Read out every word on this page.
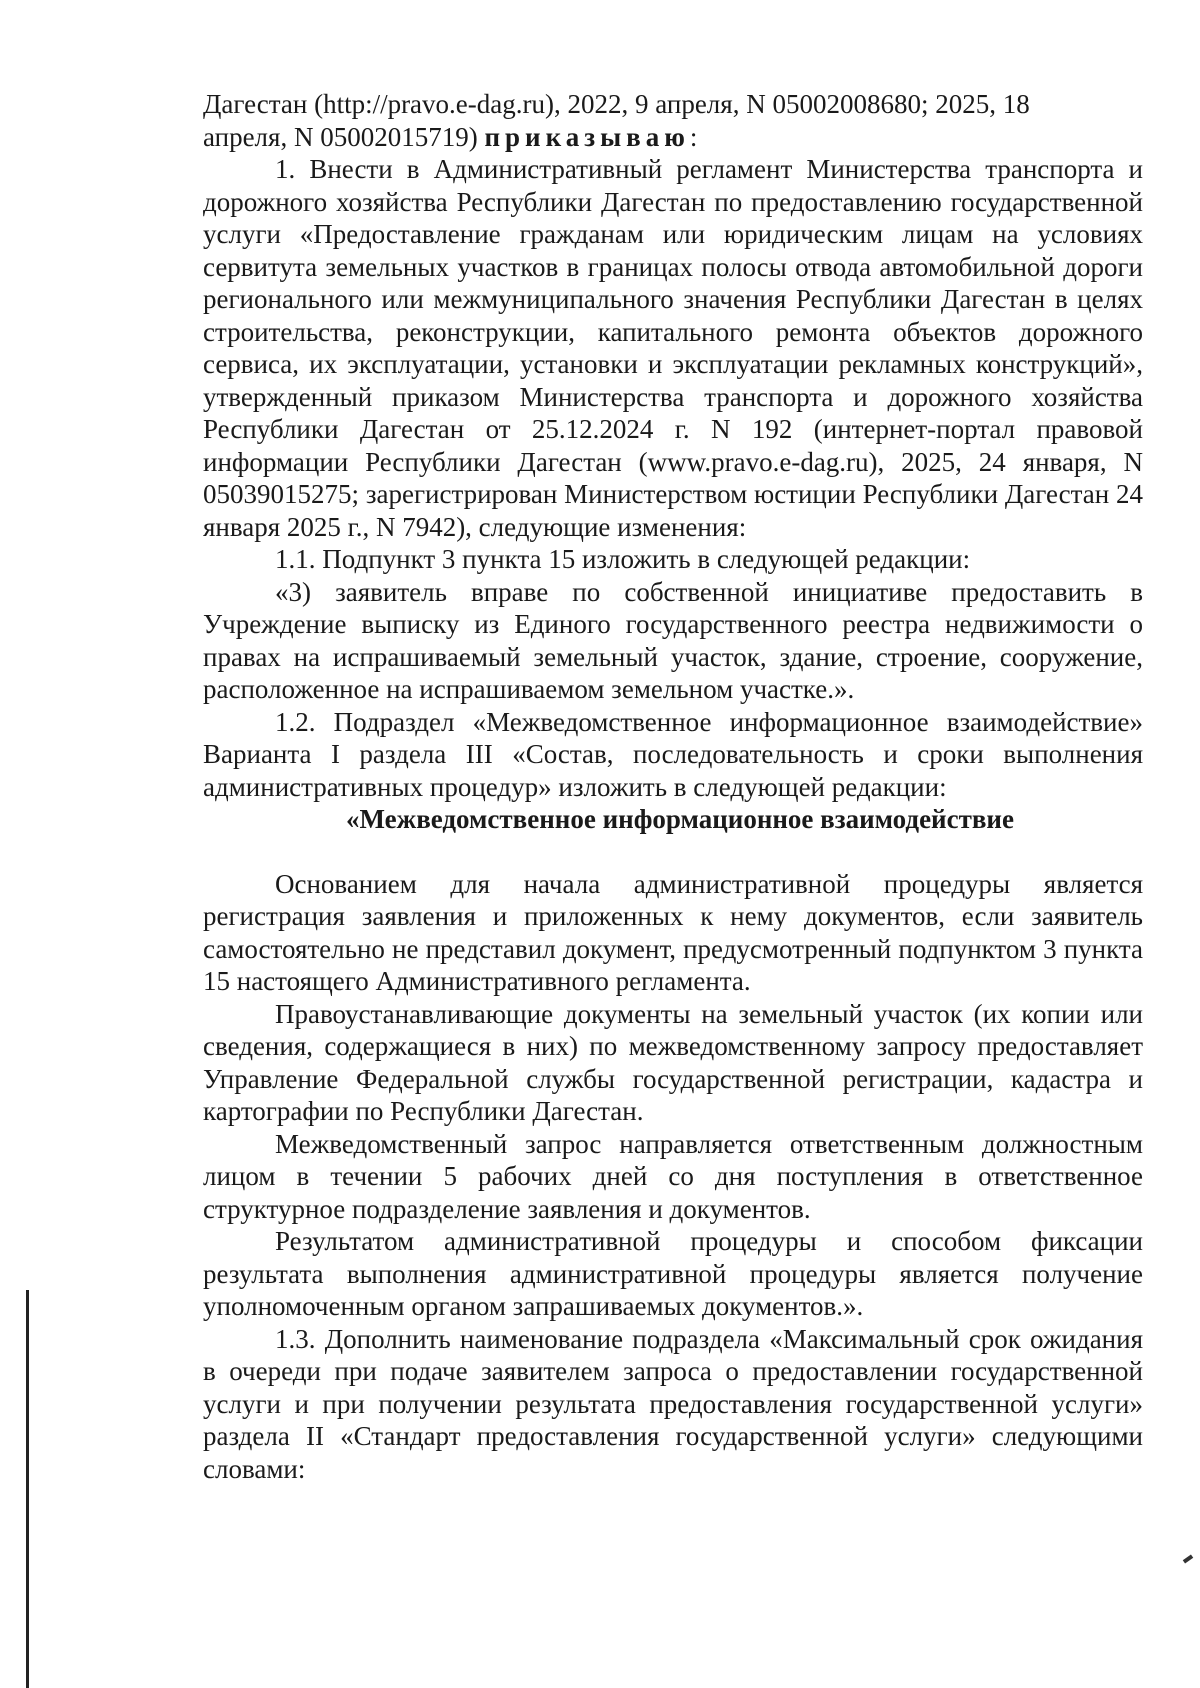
Дагестан (http://pravo.e-dag.ru), 2022, 9 апреля, N 05002008680; 2025, 18

апреля, N 05002015719) приказываю:

1. Внести в Административный регламент Министерства транспорта и дорожного хозяйства Республики Дагестан по предоставлению государственной услуги «Предоставление гражданам или юридическим лицам на условиях сервитута земельных участков в границах полосы отвода автомобильной дороги регионального или межмуниципального значения Республики Дагестан в целях строительства, реконструкции, капитального ремонта объектов дорожного сервиса, их эксплуатации, установки и эксплуатации рекламных конструкций», утвержденный приказом Министерства транспорта и дорожного хозяйства Республики Дагестан от 25.12.2024 г. N 192 (интернет-портал правовой информации Республики Дагестан (www.pravo.e-dag.ru), 2025, 24 января, N 05039015275; зарегистрирован Министерством юстиции Республики Дагестан 24 января 2025 г., N 7942), следующие изменения:

1.1. Подпункт 3 пункта 15 изложить в следующей редакции:

«3) заявитель вправе по собственной инициативе предоставить в Учреждение выписку из Единого государственного реестра недвижимости о правах на испрашиваемый земельный участок, здание, строение, сооружение, расположенное на испрашиваемом земельном участке.».

1.2. Подраздел «Межведомственное информационное взаимодействие» Варианта I раздела III «Состав, последовательность и сроки выполнения административных процедур» изложить в следующей редакции:

«Межведомственное информационное взаимодействие

Основанием для начала административной процедуры является регистрация заявления и приложенных к нему документов, если заявитель самостоятельно не представил документ, предусмотренный подпунктом 3 пункта 15 настоящего Административного регламента.

Правоустанавливающие документы на земельный участок (их копии или сведения, содержащиеся в них) по межведомственному запросу предоставляет Управление Федеральной службы государственной регистрации, кадастра и картографии по Республики Дагестан.

Межведомственный запрос направляется ответственным должностным лицом в течении 5 рабочих дней со дня поступления в ответственное структурное подразделение заявления и документов.

Результатом административной процедуры и способом фиксации результата выполнения административной процедуры является получение уполномоченным органом запрашиваемых документов.».

1.3. Дополнить наименование подраздела «Максимальный срок ожидания в очереди при подаче заявителем запроса о предоставлении государственной услуги и при получении результата предоставления государственной услуги» раздела II «Стандарт предоставления государственной услуги» следующими словами:
